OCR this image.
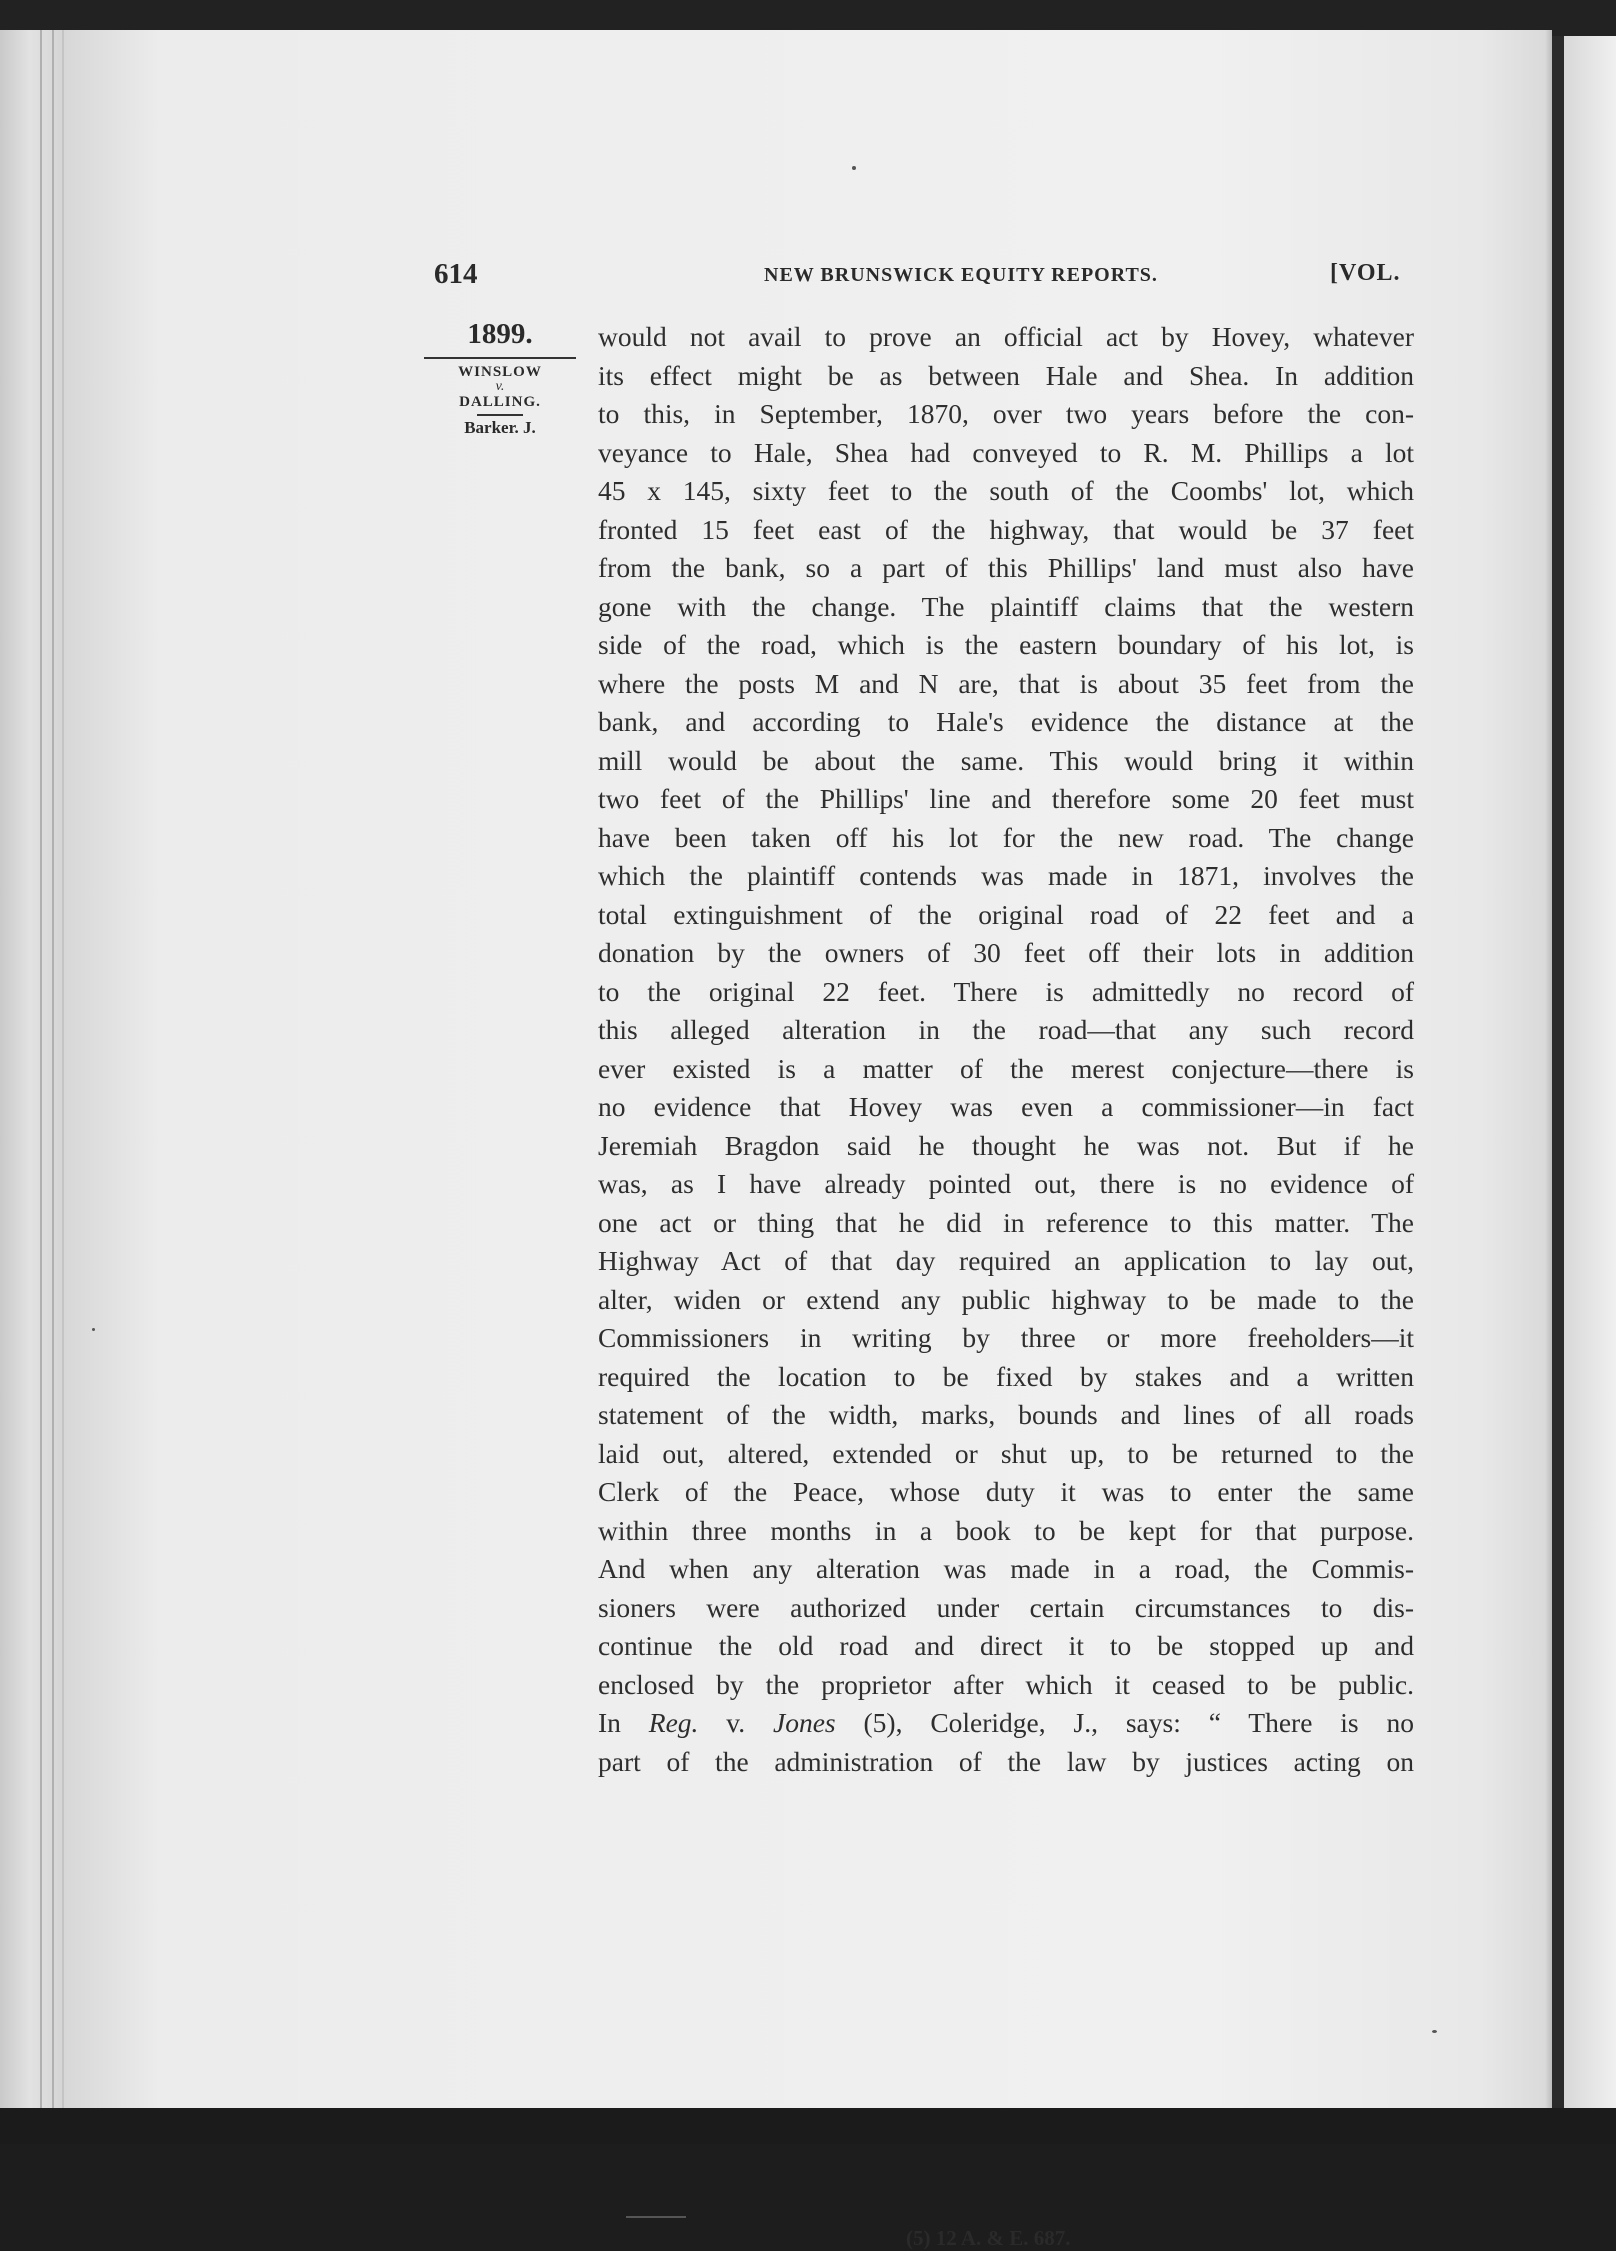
614	NEW BRUNSWICK EQUITY REPORTS.	[VOL.
1899.
WINSLOW
v.
DALLING.
Barker. J.
would not avail to prove an official act by Hovey, whatever
its effect might be as between Hale and Shea. In addition
to this, in September, 1870, over two years before the con-
veyance to Hale, Shea had conveyed to R. M. Phillips a lot
45 x 145, sixty feet to the south of the Coombs' lot, which
fronted 15 feet east of the highway, that would be 37 feet
from the bank, so a part of this Phillips' land must also have
gone with the change. The plaintiff claims that the western
side of the road, which is the eastern boundary of his lot, is
where the posts M and N are, that is about 35 feet from the
bank, and according to Hale's evidence the distance at the
mill would be about the same. This would bring it within
two feet of the Phillips' line and therefore some 20 feet must
have been taken off his lot for the new road. The change
which the plaintiff contends was made in 1871, involves the
total extinguishment of the original road of 22 feet and a
donation by the owners of 30 feet off their lots in addition
to the original 22 feet. There is admittedly no record of
this alleged alteration in the road—that any such record
ever existed is a matter of the merest conjecture—there is
no evidence that Hovey was even a commissioner—in fact
Jeremiah Bragdon said he thought he was not. But if he
was, as I have already pointed out, there is no evidence of
one act or thing that he did in reference to this matter. The
Highway Act of that day required an application to lay out,
alter, widen or extend any public highway to be made to the
Commissioners in writing by three or more freeholders—it
required the location to be fixed by stakes and a written
statement of the width, marks, bounds and lines of all roads
laid out, altered, extended or shut up, to be returned to the
Clerk of the Peace, whose duty it was to enter the same
within three months in a book to be kept for that purpose.
And when any alteration was made in a road, the Commis-
sioners were authorized under certain circumstances to dis-
continue the old road and direct it to be stopped up and
enclosed by the proprietor after which it ceased to be public.
In Reg. v. Jones (5), Coleridge, J., says: “ There is no
part of the administration of the law by justices acting on
(5) 12 A. & E. 687.
